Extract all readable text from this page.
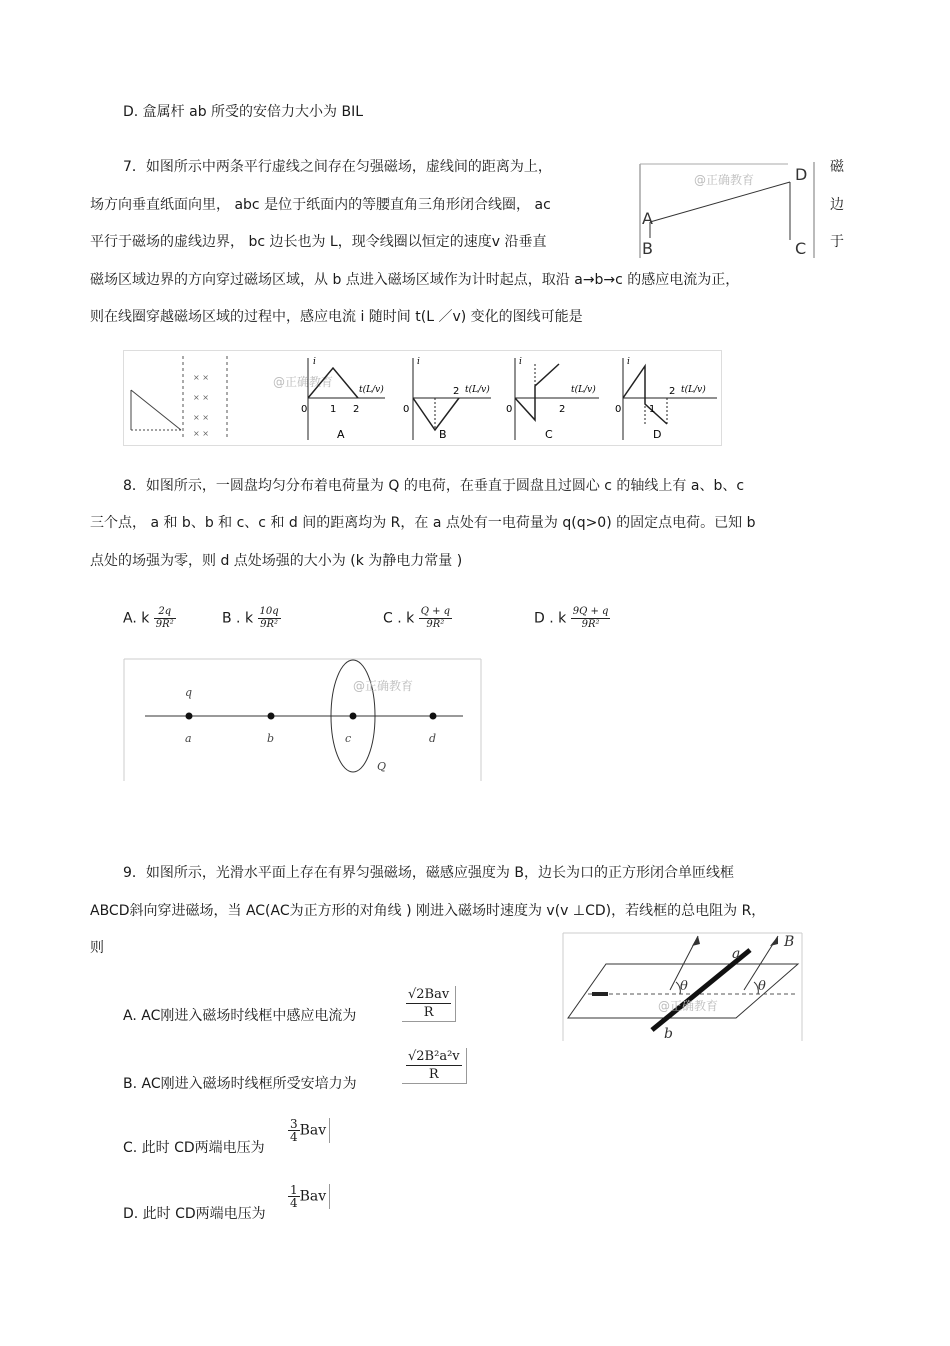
D. 盒属杆 ab 所受的安倍力大小为 BIL
7．如图所示中两条平行虚线之间存在匀强磁场，虚线间的距离为上，	磁
场方向垂直纸面向里， abc 是位于纸面内的等腰直角三角形闭合线圈， ac	边
平行于磁场的虚线边界， bc 边长也为 L，现令线圈以恒定的速度v 沿垂直	于
磁场区域边界的方向穿过磁场区域，从 b 点进入磁场区域作为计时起点，取沿 a→b→c 的感应电流为正，
则在线圈穿越磁场区域的过程中，感应电流 i 随时间 t(L ／v) 变化的图线可能是
A
B	C
D
@正确教育
× ×
× ×
× ×
× ×
@正确教育
i
t(L/v)
0 1 2
A
i
t(L/v)
0
2
B
i
t(L/v)
0	2
C
i
t(L/v)
0	1
2
D
8．如图所示，一圆盘均匀分布着电荷量为 Q 的电荷，在垂直于圆盘且过圆心 c 的轴线上有 a、b、c
三个点， a 和 b、b 和 c、c 和 d 间的距离均为 R，在 a 点处有一电荷量为 q(q>0) 的固定点电荷。已知 b
点处的场强为零，则 d 点处场强的大小为 (k 为静电力常量 )
A. k $\frac{2q}{\text{9R²}}$	B . k $\frac{10q}{\text{9R²}}$	C . k $\frac{Q + q}{\text{9R²}}$	D . k $\frac{9Q + q}{\text{9R²}}$
q
a	b	c	d
Q
@正确教育
9．如图所示，光滑水平面上存在有界匀强磁场，磁感应强度为 B，边长为口的正方形闭合单匝线框
ABCD斜向穿进磁场，当 AC(AC为正方形的对角线 ) 刚进入磁场时速度为 v(v ⊥CD)，若线框的总电阻为 R，
则
θ	θ
a
b
B
@正确教育
A. AC刚进入磁场时线框中感应电流为
√2Bav
R
B. AC刚进入磁场时线框所受安培力为
√2B²a²v
R
C. 此时 CD两端电压为
$\frac{3}{4}$ Bav
D. 此时 CD两端电压为
$\frac{1}{4}$ Bav
